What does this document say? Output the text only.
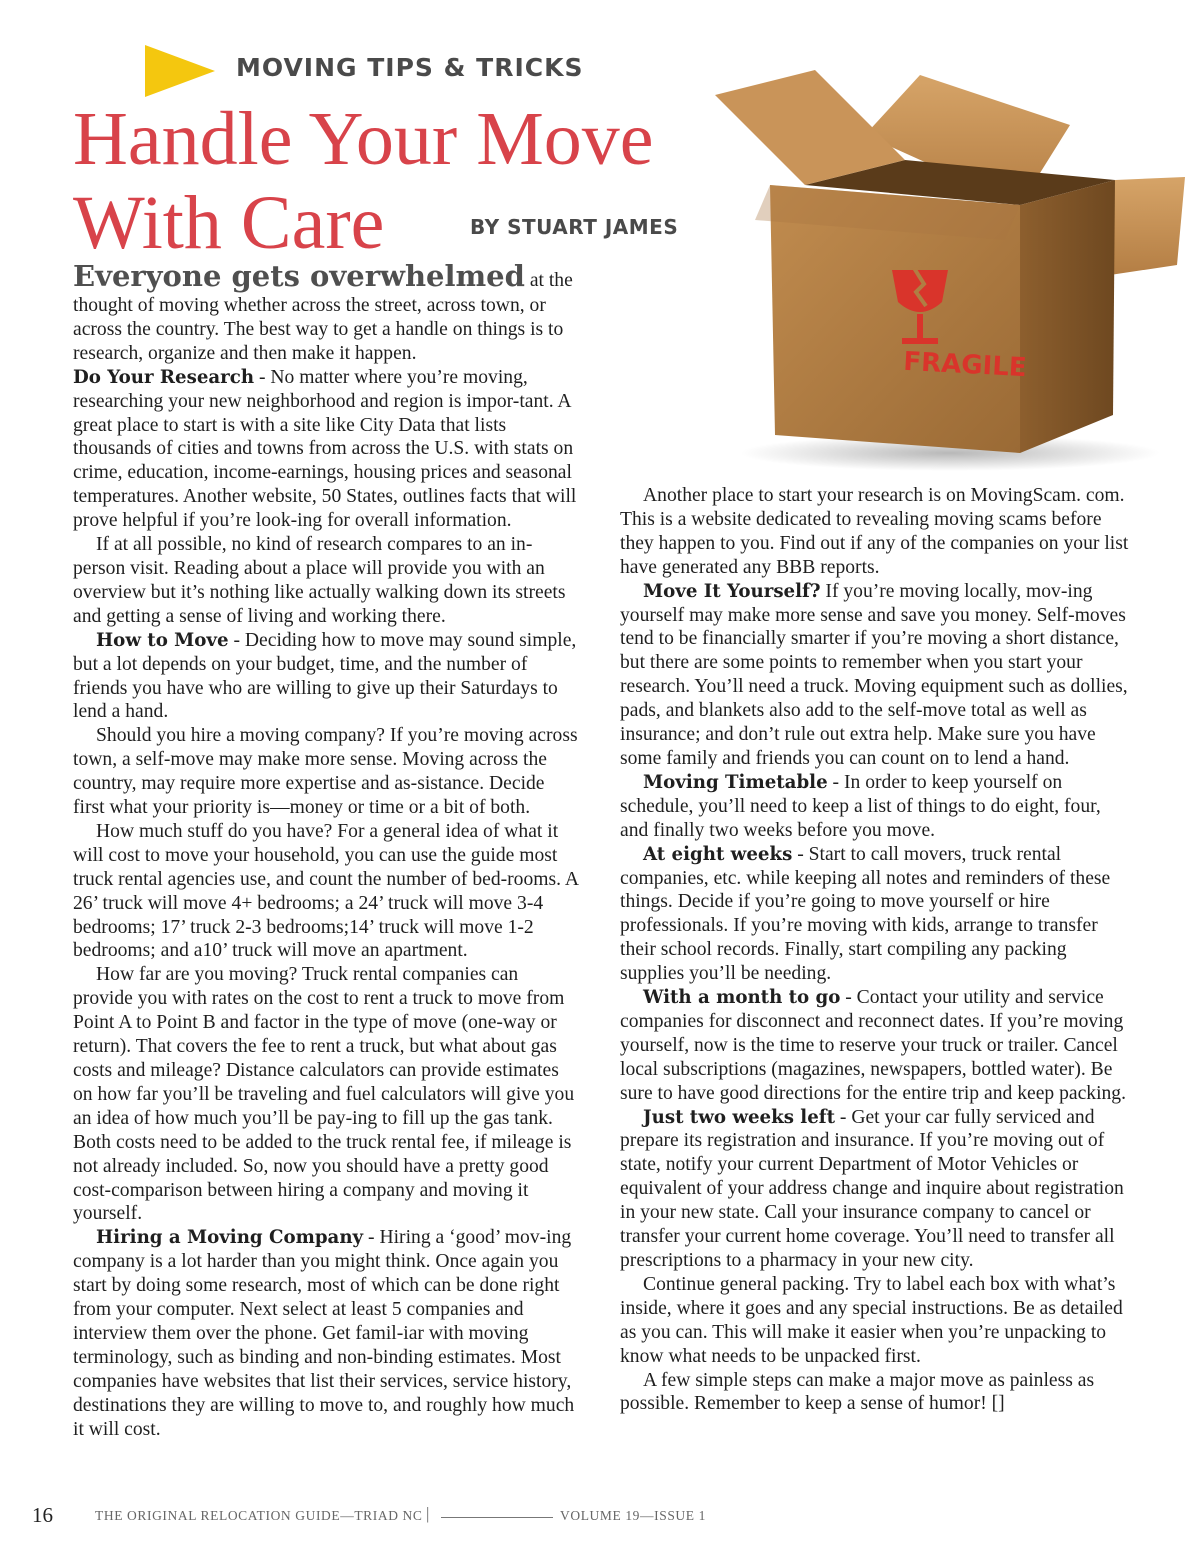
MOVING TIPS & TRICKS
Handle Your Move With Care	BY STUART JAMES
FRAGILE

Everyone gets overwhelmed at the thought of moving whether across the street, across town, or across the country. The best way to get a handle on things is to research, organize and then make it happen.

Do Your Research - No matter where you’re moving, researching your new neighborhood and region is impor-tant. A great place to start is with a site like City Data that lists thousands of cities and towns from across the U.S. with stats on crime, education, income-earnings, housing prices and seasonal temperatures. Another website, 50 States, outlines facts that will prove helpful if you’re look-ing for overall information.

If at all possible, no kind of research compares to an in-person visit. Reading about a place will provide you with an overview but it’s nothing like actually walking down its streets and getting a sense of living and working there.

How to Move - Deciding how to move may sound simple, but a lot depends on your budget, time, and the number of friends you have who are willing to give up their Saturdays to lend a hand.

Should you hire a moving company? If you’re moving across town, a self-move may make more sense. Moving across the country, may require more expertise and as-sistance. Decide first what your priority is—money or time or a bit of both.

How much stuff do you have? For a general idea of what it will cost to move your household, you can use the guide most truck rental agencies use, and count the number of bed-rooms. A 26’ truck will move 4+ bedrooms; a 24’ truck will move 3-4 bedrooms; 17’ truck 2-3 bedrooms;14’ truck will move 1-2 bedrooms; and a10’ truck will move an apartment.

How far are you moving? Truck rental companies can provide you with rates on the cost to rent a truck to move from Point A to Point B and factor in the type of move (one-way or return). That covers the fee to rent a truck, but what about gas costs and mileage? Distance calculators can provide estimates on how far you’ll be traveling and fuel calculators will give you an idea of how much you’ll be pay-ing to fill up the gas tank. Both costs need to be added to the truck rental fee, if mileage is not already included. So, now you should have a pretty good cost-comparison between hiring a company and moving it yourself.

Hiring a Moving Company - Hiring a ‘good’ mov-ing company is a lot harder than you might think. Once again you start by doing some research, most of which can be done right from your computer. Next select at least 5 companies and interview them over the phone. Get famil-iar with moving terminology, such as binding and non-binding estimates. Most companies have websites that list their services, service history, destinations they are willing to move to, and roughly how much it will cost.

Another place to start your research is on MovingScam. com. This is a website dedicated to revealing moving scams before they happen to you. Find out if any of the companies on your list have generated any BBB reports.

Move It Yourself? If you’re moving locally, mov-ing yourself may make more sense and save you money. Self-moves tend to be financially smarter if you’re moving a short distance, but there are some points to remember when you start your research. You’ll need a truck. Moving equipment such as dollies, pads, and blankets also add to the self-move total as well as insurance; and don’t rule out extra help. Make sure you have some family and friends you can count on to lend a hand.

Moving Timetable - In order to keep yourself on schedule, you’ll need to keep a list of things to do eight, four, and finally two weeks before you move.

At eight weeks - Start to call movers, truck rental companies, etc. while keeping all notes and reminders of these things. Decide if you’re going to move yourself or hire professionals. If you’re moving with kids, arrange to transfer their school records. Finally, start compiling any packing supplies you’ll be needing.

With a month to go - Contact your utility and service companies for disconnect and reconnect dates. If you’re moving yourself, now is the time to reserve your truck or trailer. Cancel local subscriptions (magazines, newspapers, bottled water). Be sure to have good directions for the entire trip and keep packing.

Just two weeks left - Get your car fully serviced and prepare its registration and insurance. If you’re moving out of state, notify your current Department of Motor Vehicles or equivalent of your address change and inquire about registration in your new state. Call your insurance company to cancel or transfer your current home coverage. You’ll need to transfer all prescriptions to a pharmacy in your new city.

Continue general packing. Try to label each box with what’s inside, where it goes and any special instructions. Be as detailed as you can. This will make it easier when you’re unpacking to know what needs to be unpacked first.

A few simple steps can make a major move as painless as possible. Remember to keep a sense of humor! []

16	THE ORIGINAL RELOCATION GUIDE—TRIAD NC |	VOLUME 19—ISSUE 1
